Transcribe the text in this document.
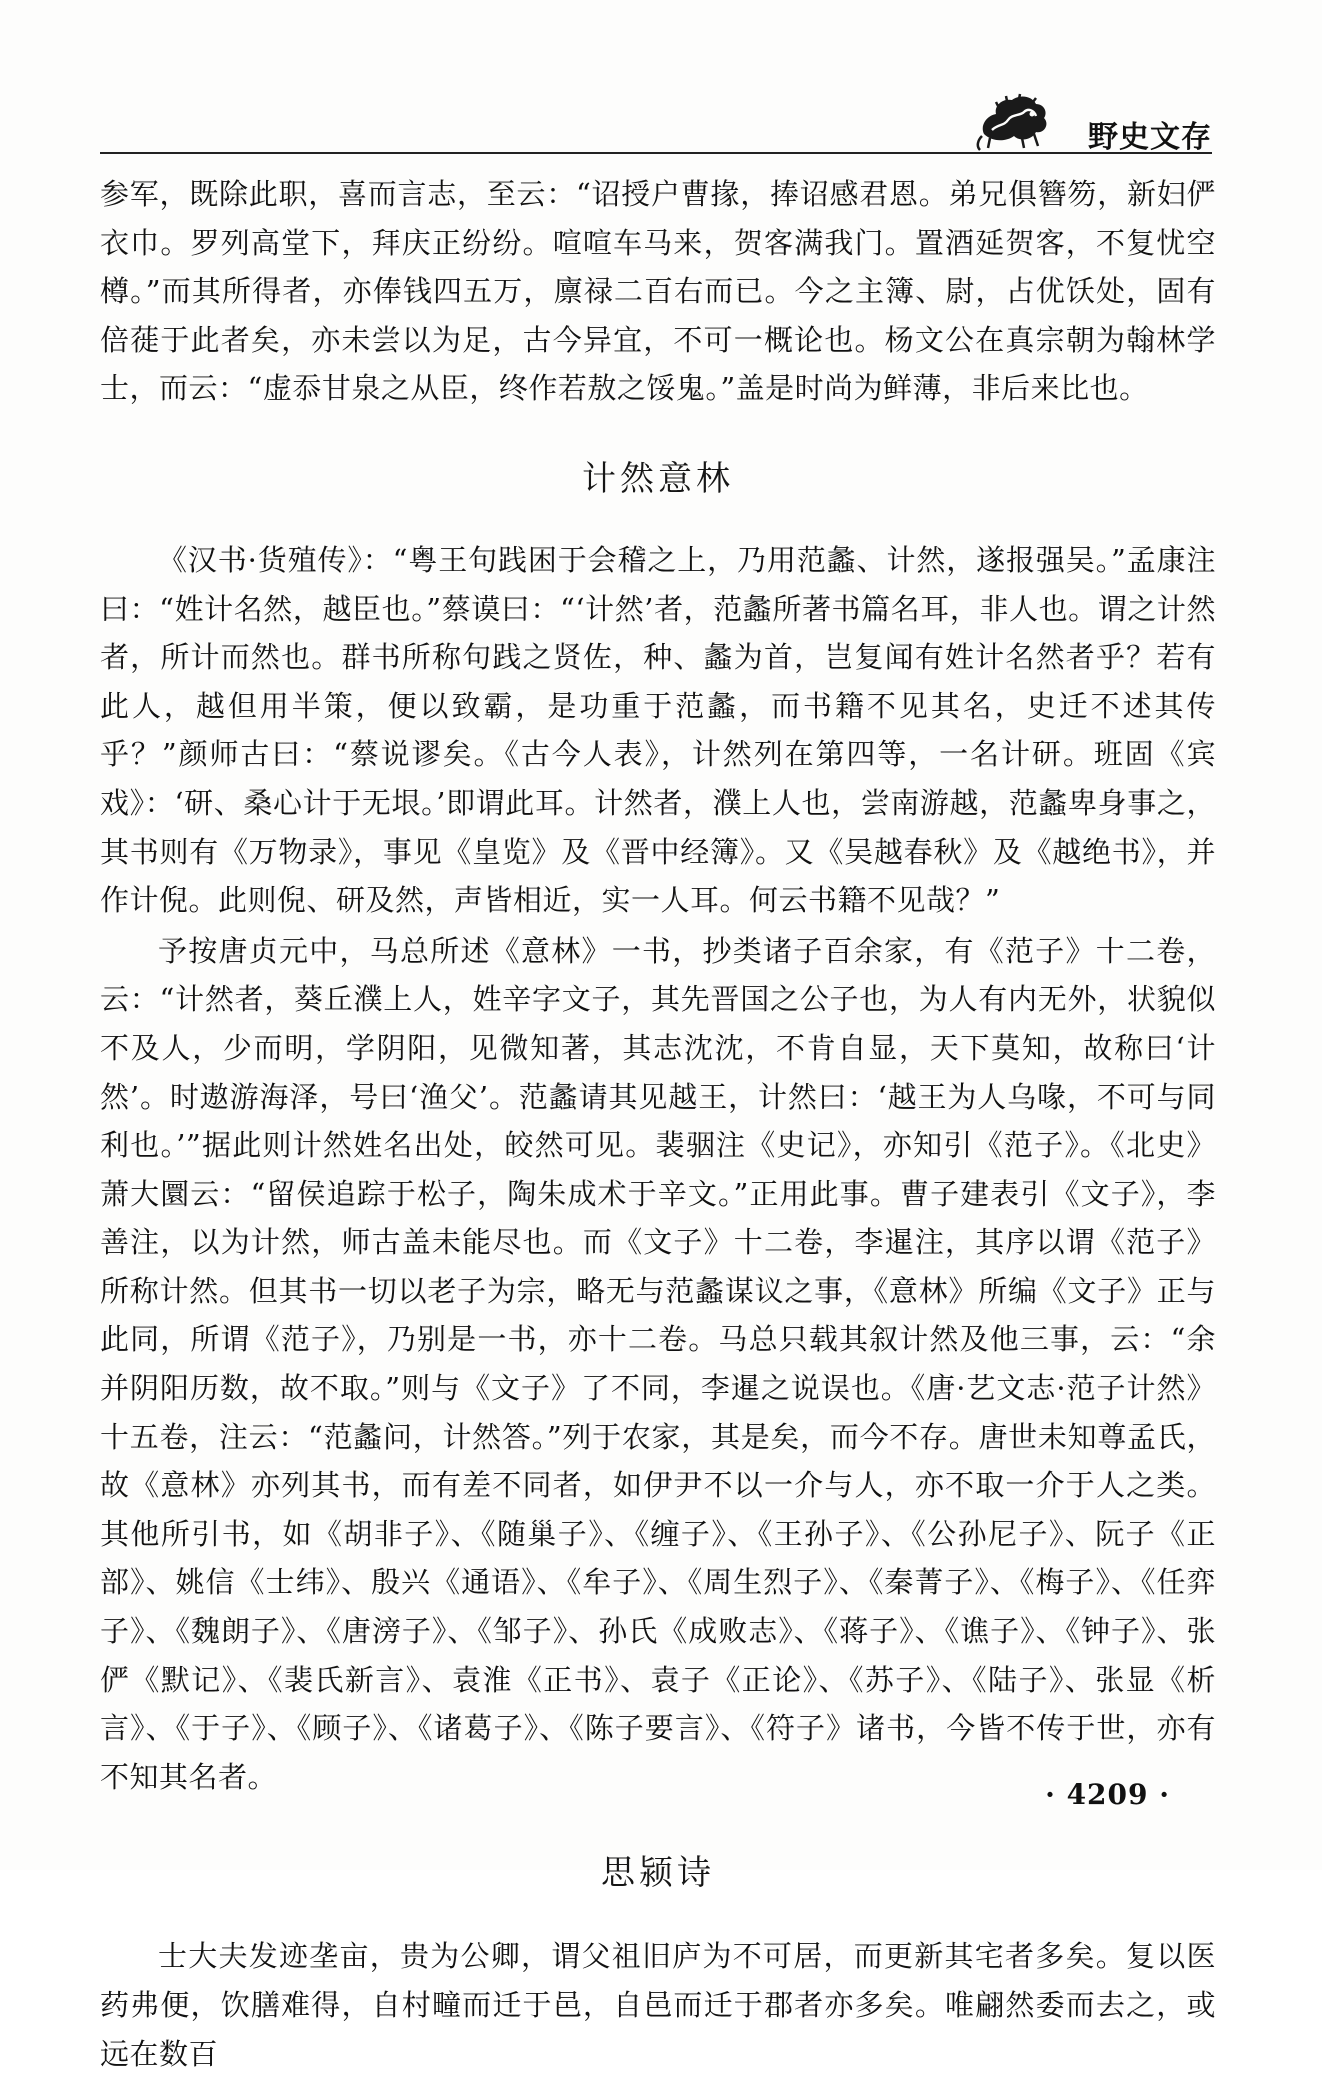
野史文存

参军，既除此职，喜而言志，至云：“诏授户曹掾，捧诏感君恩。弟兄俱簪笏，新妇俨衣巾。罗列高堂下，拜庆正纷纷。喧喧车马来，贺客满我门。置酒延贺客，不复忧空樽。”而其所得者，亦俸钱四五万，廪禄二百右而已。今之主簿、尉，占优饫处，固有倍蓰于此者矣，亦未尝以为足，古今异宜，不可一概论也。杨文公在真宗朝为翰林学士，而云：“虚忝甘泉之从臣，终作若敖之馁鬼。”盖是时尚为鲜薄，非后来比也。

计然意林

《汉书·货殖传》：“粤王句践困于会稽之上，乃用范蠡、计然，遂报强吴。”孟康注曰：“姓计名然，越臣也。”蔡谟曰：“‘计然’者，范蠡所著书篇名耳，非人也。谓之计然者，所计而然也。群书所称句践之贤佐，种、蠡为首，岂复闻有姓计名然者乎？若有此人，越但用半策，便以致霸，是功重于范蠡，而书籍不见其名，史迁不述其传乎？”颜师古曰：“蔡说谬矣。《古今人表》，计然列在第四等，一名计研。班固《宾戏》：‘研、桑心计于无垠。’即谓此耳。计然者，濮上人也，尝南游越，范蠡卑身事之，其书则有《万物录》，事见《皇览》及《晋中经簿》。又《吴越春秋》及《越绝书》，并作计倪。此则倪、研及然，声皆相近，实一人耳。何云书籍不见哉？”

予按唐贞元中，马总所述《意林》一书，抄类诸子百余家，有《范子》十二卷，云：“计然者，葵丘濮上人，姓辛字文子，其先晋国之公子也，为人有内无外，状貌似不及人，少而明，学阴阳，见微知著，其志沈沈，不肯自显，天下莫知，故称曰‘计然’。时遨游海泽，号曰‘渔父’。范蠡请其见越王，计然曰：‘越王为人乌喙，不可与同利也。’”据此则计然姓名出处，皎然可见。裴骃注《史记》，亦知引《范子》。《北史》萧大圜云：“留侯追踪于松子，陶朱成术于辛文。”正用此事。曹子建表引《文子》，李善注，以为计然，师古盖未能尽也。而《文子》十二卷，李暹注，其序以谓《范子》所称计然。但其书一切以老子为宗，略无与范蠡谋议之事，《意林》所编《文子》正与此同，所谓《范子》，乃别是一书，亦十二卷。马总只载其叙计然及他三事，云：“余并阴阳历数，故不取。”则与《文子》了不同，李暹之说误也。《唐·艺文志·范子计然》十五卷，注云：“范蠡问，计然答。”列于农家，其是矣，而今不存。唐世未知尊孟氏，故《意林》亦列其书，而有差不同者，如伊尹不以一介与人，亦不取一介于人之类。其他所引书，如《胡非子》、《随巢子》、《缠子》、《王孙子》、《公孙尼子》、阮子《正部》、姚信《士纬》、殷兴《通语》、《牟子》、《周生烈子》、《秦菁子》、《梅子》、《任弈子》、《魏朗子》、《唐滂子》、《邹子》、孙氏《成败志》、《蒋子》、《谯子》、《钟子》、张俨《默记》、《裴氏新言》、袁淮《正书》、袁子《正论》、《苏子》、《陆子》、张显《析言》、《于子》、《顾子》、《诸葛子》、《陈子要言》、《符子》诸书，今皆不传于世，亦有不知其名者。

思颍诗

士大夫发迹垄亩，贵为公卿，谓父祖旧庐为不可居，而更新其宅者多矣。复以医药弗便，饮膳难得，自村疃而迁于邑，自邑而迁于郡者亦多矣。唯翩然委而去之，或远在数百

· 4209 ·
